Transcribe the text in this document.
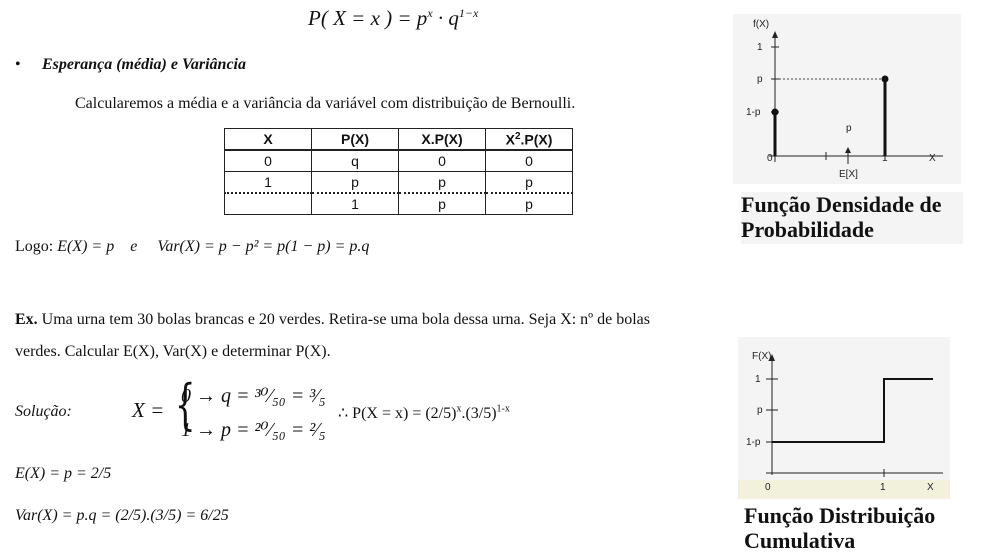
P( X = x ) = $p^x \cdot q^{1-x}$
• Esperança (média) e Variância
Calcularemos a média e a variância da variável com distribuição de Bernoulli.
X	P(X)	X.P(X)	$X^2.P(X)$
0	q	0	0
1	p	p	p
	1	p	p
Logo: E(X) = p    e     Var(X) = p − p² = p(1 − p) = p.q
Ex. Uma urna tem 30 bolas brancas e 20 verdes. Retira-se uma bola dessa urna. Seja X: nº de bolas
verdes. Calcular E(X), Var(X) e determinar P(X).
Solução:	X = {
0 → q = ³⁰⁄₅₀ = ³⁄₅
1 → p = ²⁰⁄₅₀ = ²⁄₅
∴ $P(X = x) = (2/5)^x.(3/5)^{1-x}$
E(X) = p = 2/5
Var(X) = p.q = (2/5).(3/5) = 6/25
f(X)
1
p
1-p
0	1	X
p
E[X]
Função Densidade de
Probabilidade
F(X)
1
p
1-p
0	1	X
Função Distribuição
Cumulativa
